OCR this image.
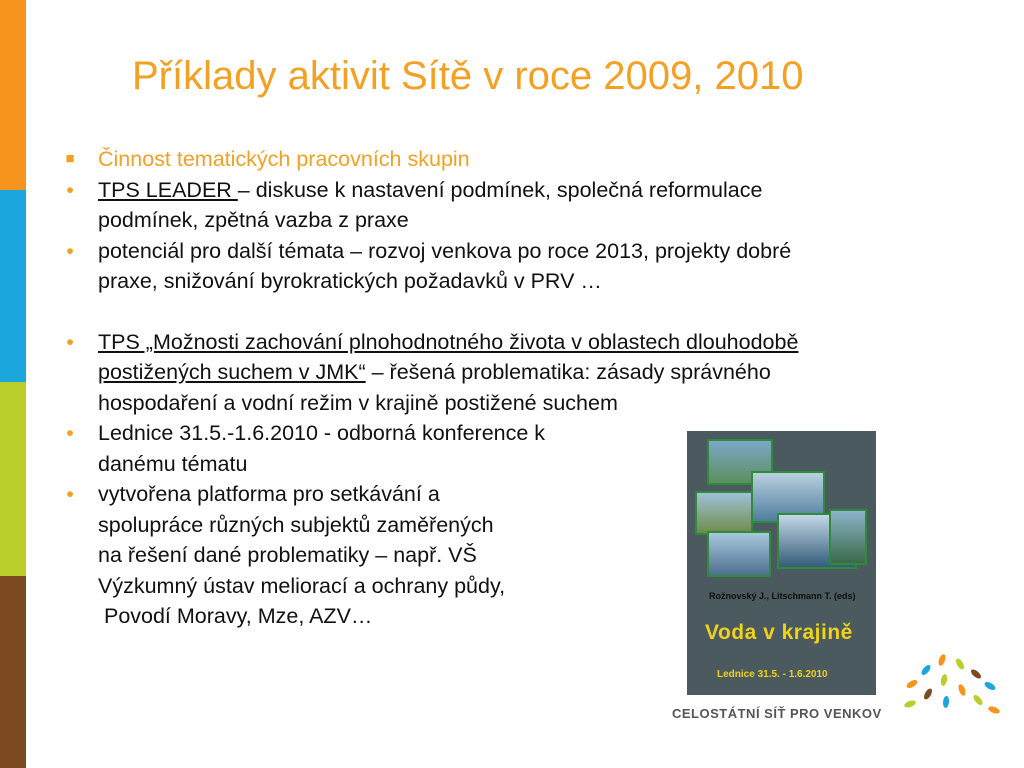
Příklady aktivit Sítě v roce 2009, 2010
■ Činnost tematických pracovních skupin
• TPS LEADER – diskuse k nastavení podmínek, společná reformulace
podmínek, zpětná vazba z praxe
• potenciál pro další témata – rozvoj venkova po roce 2013, projekty dobré
praxe, snižování byrokratických požadavků v PRV …
• TPS „Možnosti zachování plnohodnotného života v oblastech dlouhodobě
postižených suchem v JMK“ – řešená problematika: zásady správného
hospodaření a vodní režim v krajině postižené suchem
• Lednice 31.5.-1.6.2010 - odborná konference k
danému tématu
• vytvořena platforma pro setkávání a
spolupráce různých subjektů zaměřených
na řešení dané problematiky – např. VŠ
Výzkumný ústav meliorací a ochrany půdy,
Povodí Moravy, Mze, AZV…
Rožnovský J., Litschmann T. (eds)
Voda v krajině
Lednice 31.5. - 1.6.2010
CELOSTÁTNÍ SÍŤ PRO VENKOV
